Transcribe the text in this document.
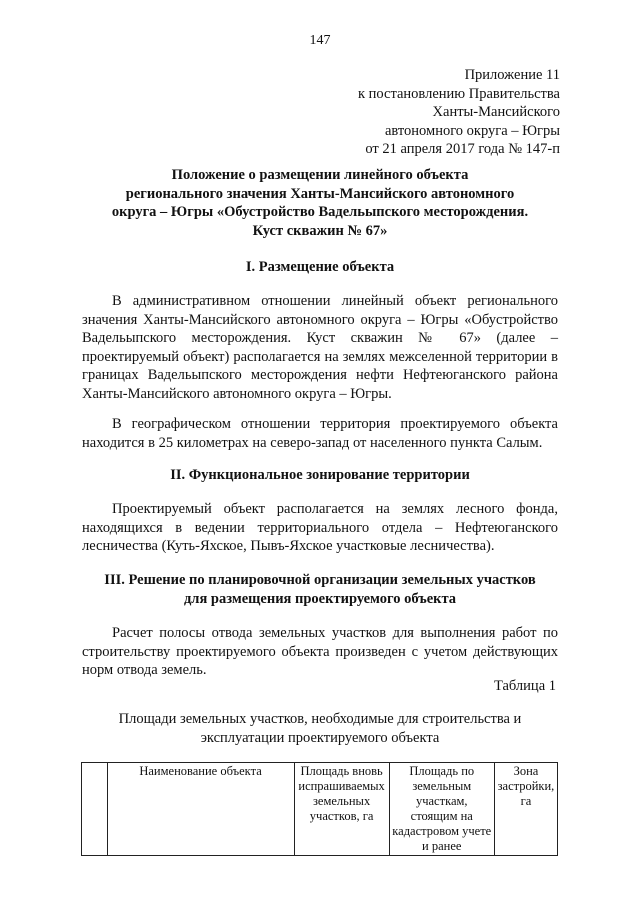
147
Приложение 11
к постановлению Правительства
Ханты-Мансийского
автономного округа – Югры
от 21 апреля 2017 года № 147-п
Положение о размещении линейного объекта
регионального значения Ханты-Мансийского автономного
округа – Югры «Обустройство Вадельыпского месторождения.
Куст скважин № 67»
I. Размещение объекта

В административном отношении линейный объект регионального значения Ханты-Мансийского автономного округа – Югры «Обустройство Вадельыпского месторождения. Куст скважин № 67» (далее – проектируемый объект) располагается на землях межселенной территории в границах Вадельыпского месторождения нефти Нефтеюганского района Ханты-Мансийского автономного округа – Югры.

В географическом отношении территория проектируемого объекта находится в 25 километрах на северо-запад от населенного пункта Салым.

II. Функциональное зонирование территории

Проектируемый объект располагается на землях лесного фонда, находящихся в ведении территориального отдела – Нефтеюганского лесничества (Куть-Яхское, Пывъ-Яхское участковые лесничества).

III. Решение по планировочной организации земельных участков
для размещения проектируемого объекта

Расчет полосы отвода земельных участков для выполнения работ по строительству проектируемого объекта произведен с учетом действующих норм отвода земель.

Таблица 1
Площади земельных участков, необходимые для строительства и
эксплуатации проектируемого объекта
	Наименование объекта	Площадь вновь испрашиваемых земельных участков, га	Площадь по земельным участкам, стоящим на кадастровом учете и ранее	Зона застройки, га
